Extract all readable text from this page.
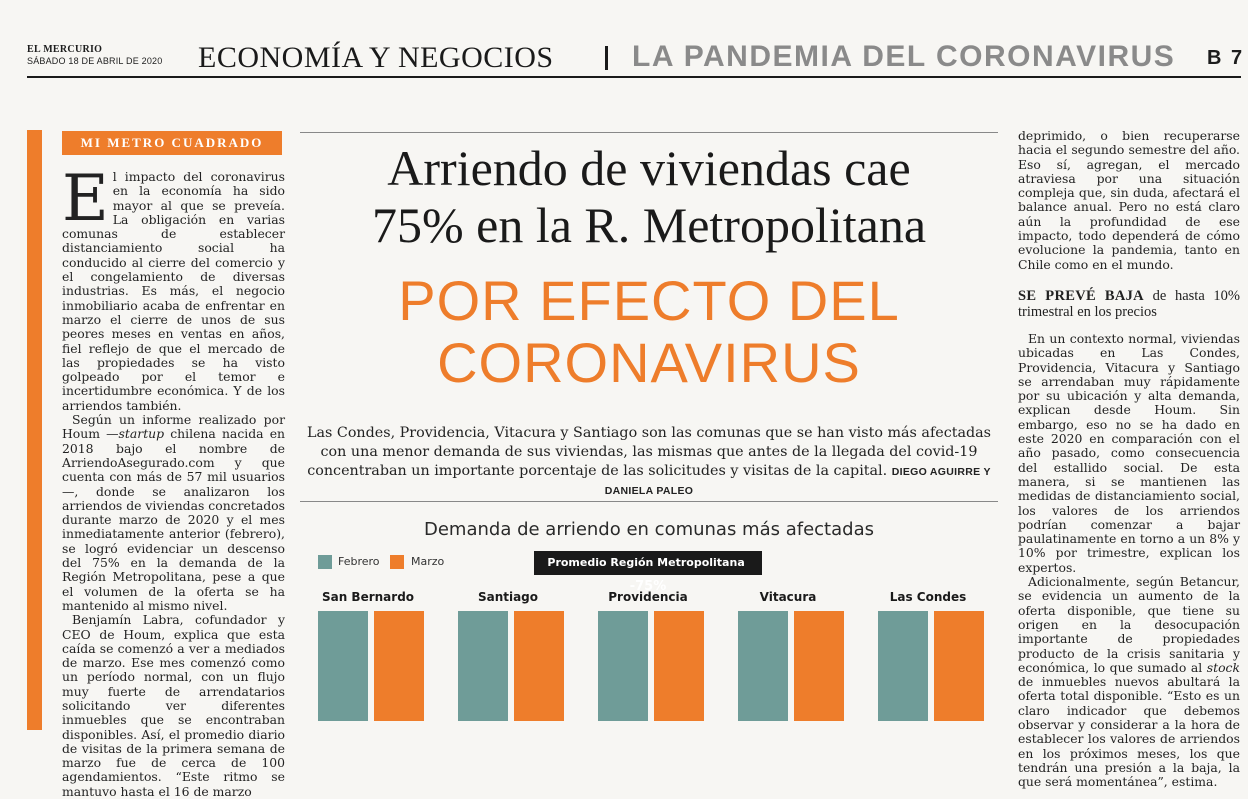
EL MERCURIO
SÁBADO 18 DE ABRIL DE 2020 ECONOMÍA Y NEGOCIOS	LA PANDEMIA DEL CORONAVIRUS B 7
MI METRO CUADRADO

El impacto del coronavirus en la economía ha sido mayor al que se preveía. La obligación en varias comunas de establecer distanciamiento social ha conducido al cierre del comercio y el congelamiento de diversas industrias. Es más, el negocio inmobiliario acaba de enfrentar en marzo el cierre de unos de sus peores meses en ventas en años, fiel reflejo de que el mercado de las propiedades se ha visto golpeado por el temor e incertidumbre económica. Y de los arriendos también.

Según un informe realizado por Houm —startup chilena nacida en 2018 bajo el nombre de ArriendoAsegurado.com y que cuenta con más de 57 mil usuarios—, donde se analizaron los arriendos de viviendas concretados durante marzo de 2020 y el mes inmediatamente anterior (febrero), se logró evidenciar un descenso del 75% en la demanda de la Región Metropolitana, pese a que el volumen de la oferta se ha mantenido al mismo nivel.

Benjamín Labra, cofundador y CEO de Houm, explica que esta caída se comenzó a ver a mediados de marzo. Ese mes comenzó como un período normal, con un flujo muy fuerte de arrendatarios solicitando ver diferentes inmuebles que se encontraban disponibles. Así, el promedio diario de visitas de la primera semana de marzo fue de cerca de 100 agendamientos. “Este ritmo se mantuvo hasta el 16 de marzo

Arriendo de viviendas cae
75% en la R. Metropolitana
POR EFECTO DEL
CORONAVIRUS
Las Condes, Providencia, Vitacura y Santiago son las comunas que se han visto más afectadas con una menor demanda de sus viviendas, las mismas que antes de la llegada del covid-19 concentraban un importante porcentaje de las solicitudes y visitas de la capital. DIEGO AGUIRRE Y DANIELA PALEO
Demanda de arriendo en comunas más afectadas
Febrero	Marzo	Promedio Región Metropolitana  -75%
San Bernardo	Santiago	Providencia	Vitacura	Las Condes

deprimido, o bien recuperarse hacia el segundo semestre del año. Eso sí, agregan, el mercado atraviesa por una situación compleja que, sin duda, afectará el balance anual. Pero no está claro aún la profundidad de ese impacto, todo dependerá de cómo evolucione la pandemia, tanto en Chile como en el mundo.

SE PREVÉ BAJA de hasta 10% trimestral en los precios

En un contexto normal, viviendas ubicadas en Las Condes, Providencia, Vitacura y Santiago se arrendaban muy rápidamente por su ubicación y alta demanda, explican desde Houm. Sin embargo, eso no se ha dado en este 2020 en comparación con el año pasado, como consecuencia del estallido social. De esta manera, si se mantienen las medidas de distanciamiento social, los valores de los arriendos podrían comenzar a bajar paulatinamente en torno a un 8% y 10% por trimestre, explican los expertos.

Adicionalmente, según Betancur, se evidencia un aumento de la oferta disponible, que tiene su origen en la desocupación importante de propiedades producto de la crisis sanitaria y económica, lo que sumado al stock de inmuebles nuevos abultará la oferta total disponible. “Esto es un claro indicador que debemos observar y considerar a la hora de establecer los valores de arriendos en los próximos meses, los que tendrán una presión a la baja, la que será momentánea”, estima.
